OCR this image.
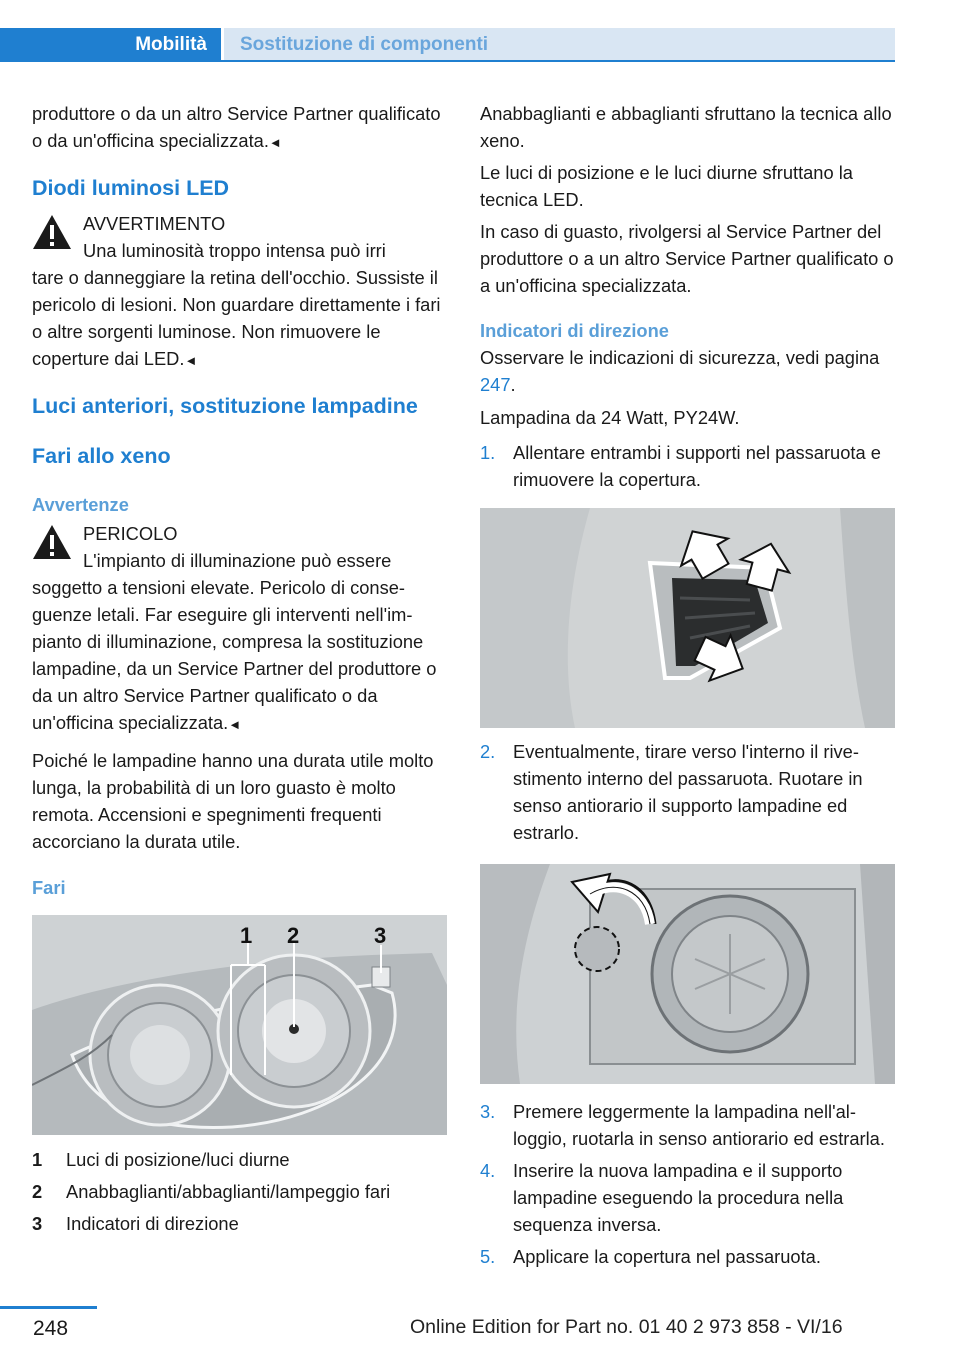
Mobilità	Sostituzione di componenti

produttore o da un altro Service Partner qualificato o da un'officina specializzata.◄

Diodi luminosi LED

AVVERTIMENTO

Una luminosità troppo intensa può irri

tare o danneggiare la retina dell'occhio. Sussiste il pericolo di lesioni. Non guardare direttamente i fari o altre sorgenti luminose. Non rimuovere le coperture dai LED.◄

Luci anteriori, sostituzione lampadine
Fari allo xeno
Avvertenze

PERICOLO

L'impianto di illuminazione può essere

soggetto a tensioni elevate. Pericolo di conseguenze letali. Far eseguire gli interventi nell'impianto di illuminazione, compresa la sostituzione lampadine, da un Service Partner del produttore o da un altro Service Partner qualificato o da un'officina specializzata.◄

Poiché le lampadine hanno una durata utile molto lunga, la probabilità di un loro guasto è molto remota. Accensioni e spegnimenti frequenti accorciano la durata utile.

Fari
1 2	3

1	Luci di posizione/luci diurne

2	Anabbaglianti/abbaglianti/lampeggio fari

3	Indicatori di direzione

Anabbaglianti e abbaglianti sfruttano la tecnica allo xeno.

Le luci di posizione e le luci diurne sfruttano la tecnica LED.

In caso di guasto, rivolgersi al Service Partner del produttore o a un altro Service Partner qualificato o a un'officina specializzata.

Indicatori di direzione

Osservare le indicazioni di sicurezza, vedi pagina 247.

Lampadina da 24 Watt, PY24W.

1. Allentare entrambi i supporti nel passaruota e rimuovere la copertura.

2. Eventualmente, tirare verso l'interno il rivestimento interno del passaruota. Ruotare in senso antiorario il supporto lampadine ed estrarlo.

3. Premere leggermente la lampadina nell'alloggio, ruotarla in senso antiorario ed estrarla.

4. Inserire la nuova lampadina e il supporto lampadine eseguendo la procedura nella sequenza inversa.

5. Applicare la copertura nel passaruota.

248	Online Edition for Part no. 01 40 2 973 858 - VI/16
